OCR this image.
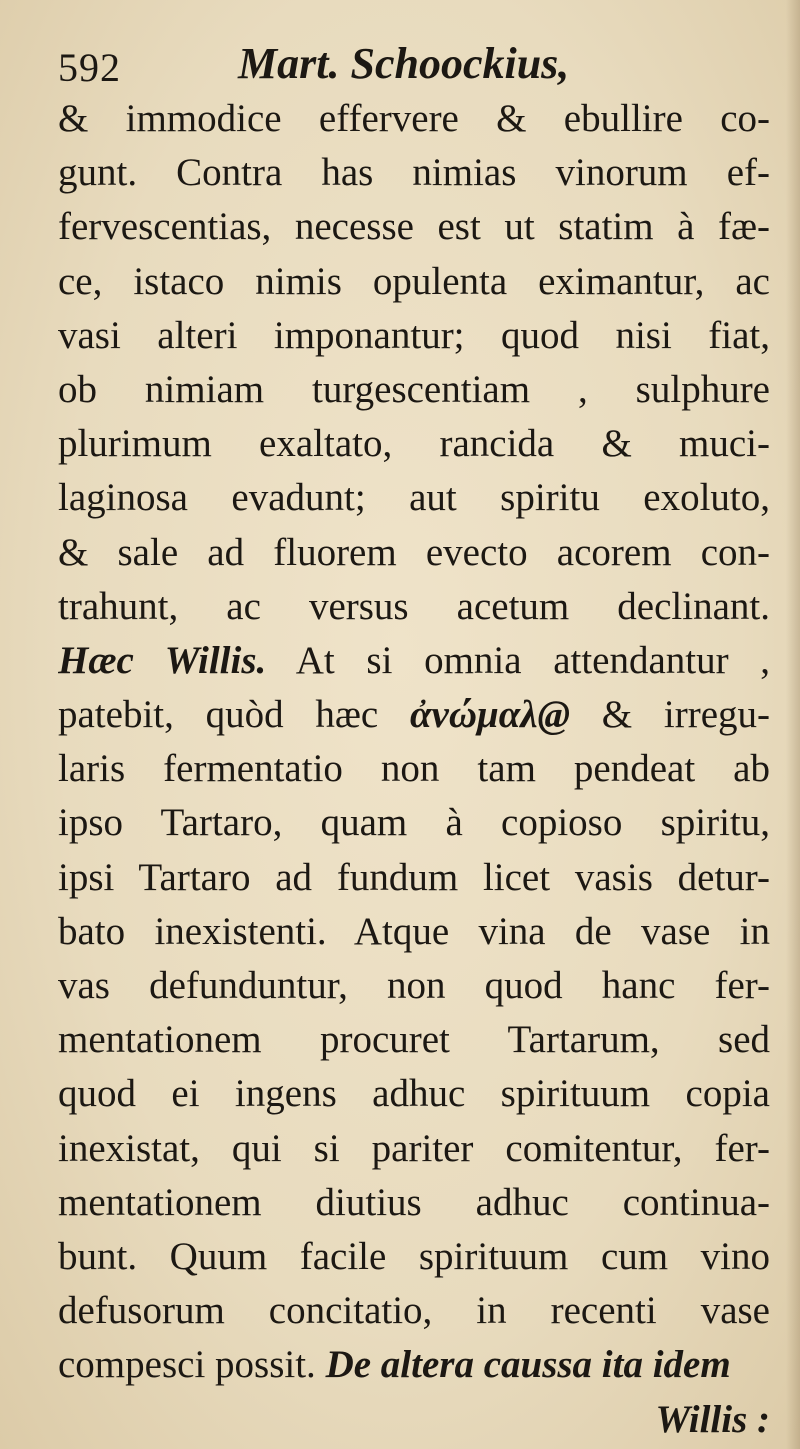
592	Mart. Schoockius,
& immodice effervere & ebullire co-
gunt. Contra has nimias vinorum ef-
fervescentias, necesse est ut statim à fæ-
ce, istaco nimis opulenta eximantur, ac
vasi alteri imponantur; quod nisi fiat,
ob nimiam turgescentiam , sulphure
plurimum exaltato, rancida & muci-
laginosa evadunt; aut spiritu exoluto,
& sale ad fluorem evecto acorem con-
trahunt, ac versus acetum declinant.
Hæc Willis. At si omnia attendantur ,
patebit, quòd hæc ἀνώμαλ@ & irregu-
laris fermentatio non tam pendeat ab
ipso Tartaro, quam à copioso spiritu,
ipsi Tartaro ad fundum licet vasis detur-
bato inexistenti. Atque vina de vase in
vas defunduntur, non quod hanc fer-
mentationem procuret Tartarum, sed
quod ei ingens adhuc spirituum copia
inexistat, qui si pariter comitentur, fer-
mentationem diutius adhuc continua-
bunt. Quum facile spirituum cum vino
defusorum concitatio, in recenti vase
compesci possit. De altera caussa ita idem
Willis :
